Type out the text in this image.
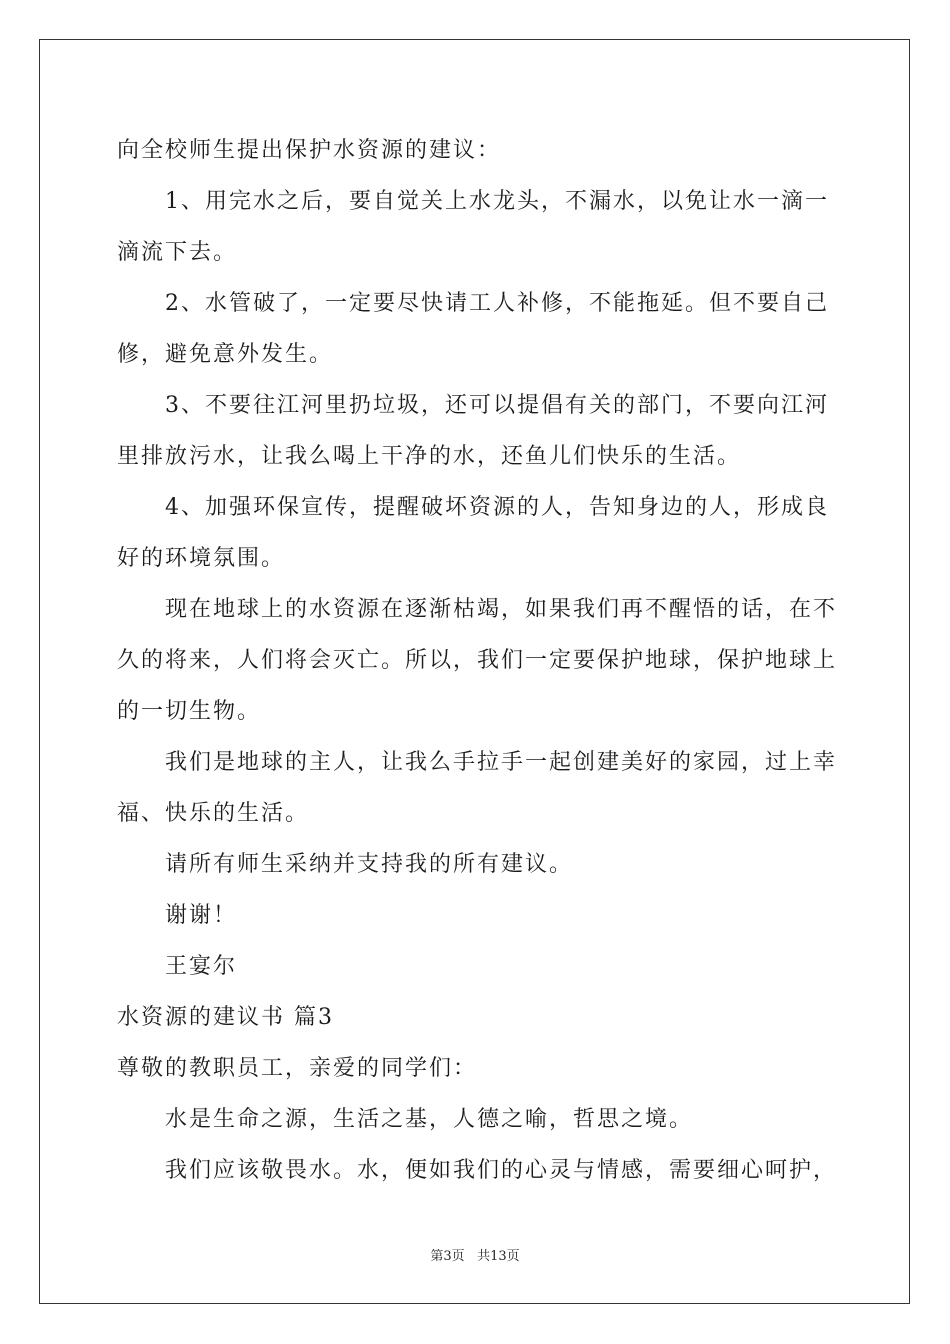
向全校师生提出保护水资源的建议：
1、用完水之后，要自觉关上水龙头，不漏水，以免让水一滴一
滴流下去。
2、水管破了，一定要尽快请工人补修，不能拖延。但不要自己
修，避免意外发生。
3、不要往江河里扔垃圾，还可以提倡有关的部门，不要向江河
里排放污水，让我么喝上干净的水，还鱼儿们快乐的生活。
4、加强环保宣传，提醒破坏资源的人，告知身边的人，形成良
好的环境氛围。
现在地球上的水资源在逐渐枯竭，如果我们再不醒悟的话，在不
久的将来，人们将会灭亡。所以，我们一定要保护地球，保护地球上
的一切生物。
我们是地球的主人，让我么手拉手一起创建美好的家园，过上幸
福、快乐的生活。
请所有师生采纳并支持我的所有建议。
谢谢！
王宴尔
水资源的建议书 篇3
尊敬的教职员工，亲爱的同学们：
水是生命之源，生活之基，人德之喻，哲思之境。
我们应该敬畏水。水，便如我们的心灵与情感，需要细心呵护，
第3页 共13页
